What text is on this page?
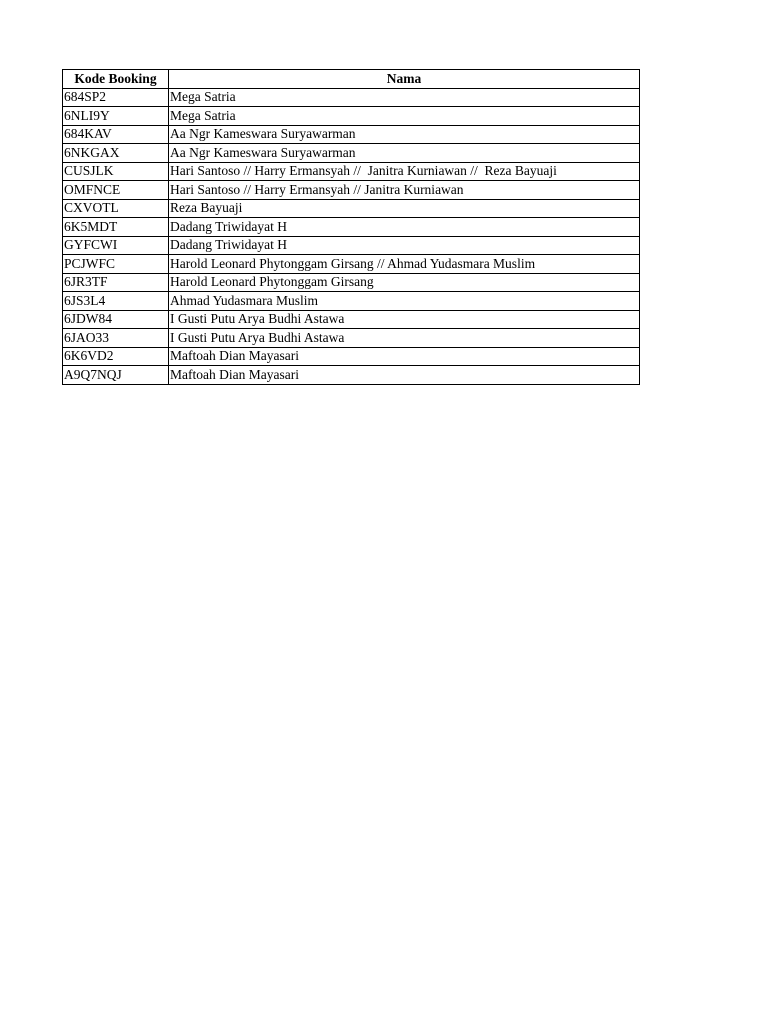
Kode Booking	Nama
684SP2	Mega Satria
6NLI9Y	Mega Satria
684KAV	Aa Ngr Kameswara Suryawarman
6NKGAX	Aa Ngr Kameswara Suryawarman
CUSJLK	Hari Santoso // Harry Ermansyah //  Janitra Kurniawan //  Reza Bayuaji
OMFNCE	Hari Santoso // Harry Ermansyah // Janitra Kurniawan
CXVOTL	Reza Bayuaji
6K5MDT	Dadang Triwidayat H
GYFCWI	Dadang Triwidayat H
PCJWFC	Harold Leonard Phytonggam Girsang // Ahmad Yudasmara Muslim
6JR3TF	Harold Leonard Phytonggam Girsang
6JS3L4	Ahmad Yudasmara Muslim
6JDW84	I Gusti Putu Arya Budhi Astawa
6JAO33	I Gusti Putu Arya Budhi Astawa
6K6VD2	Maftoah Dian Mayasari
A9Q7NQJ	Maftoah Dian Mayasari
